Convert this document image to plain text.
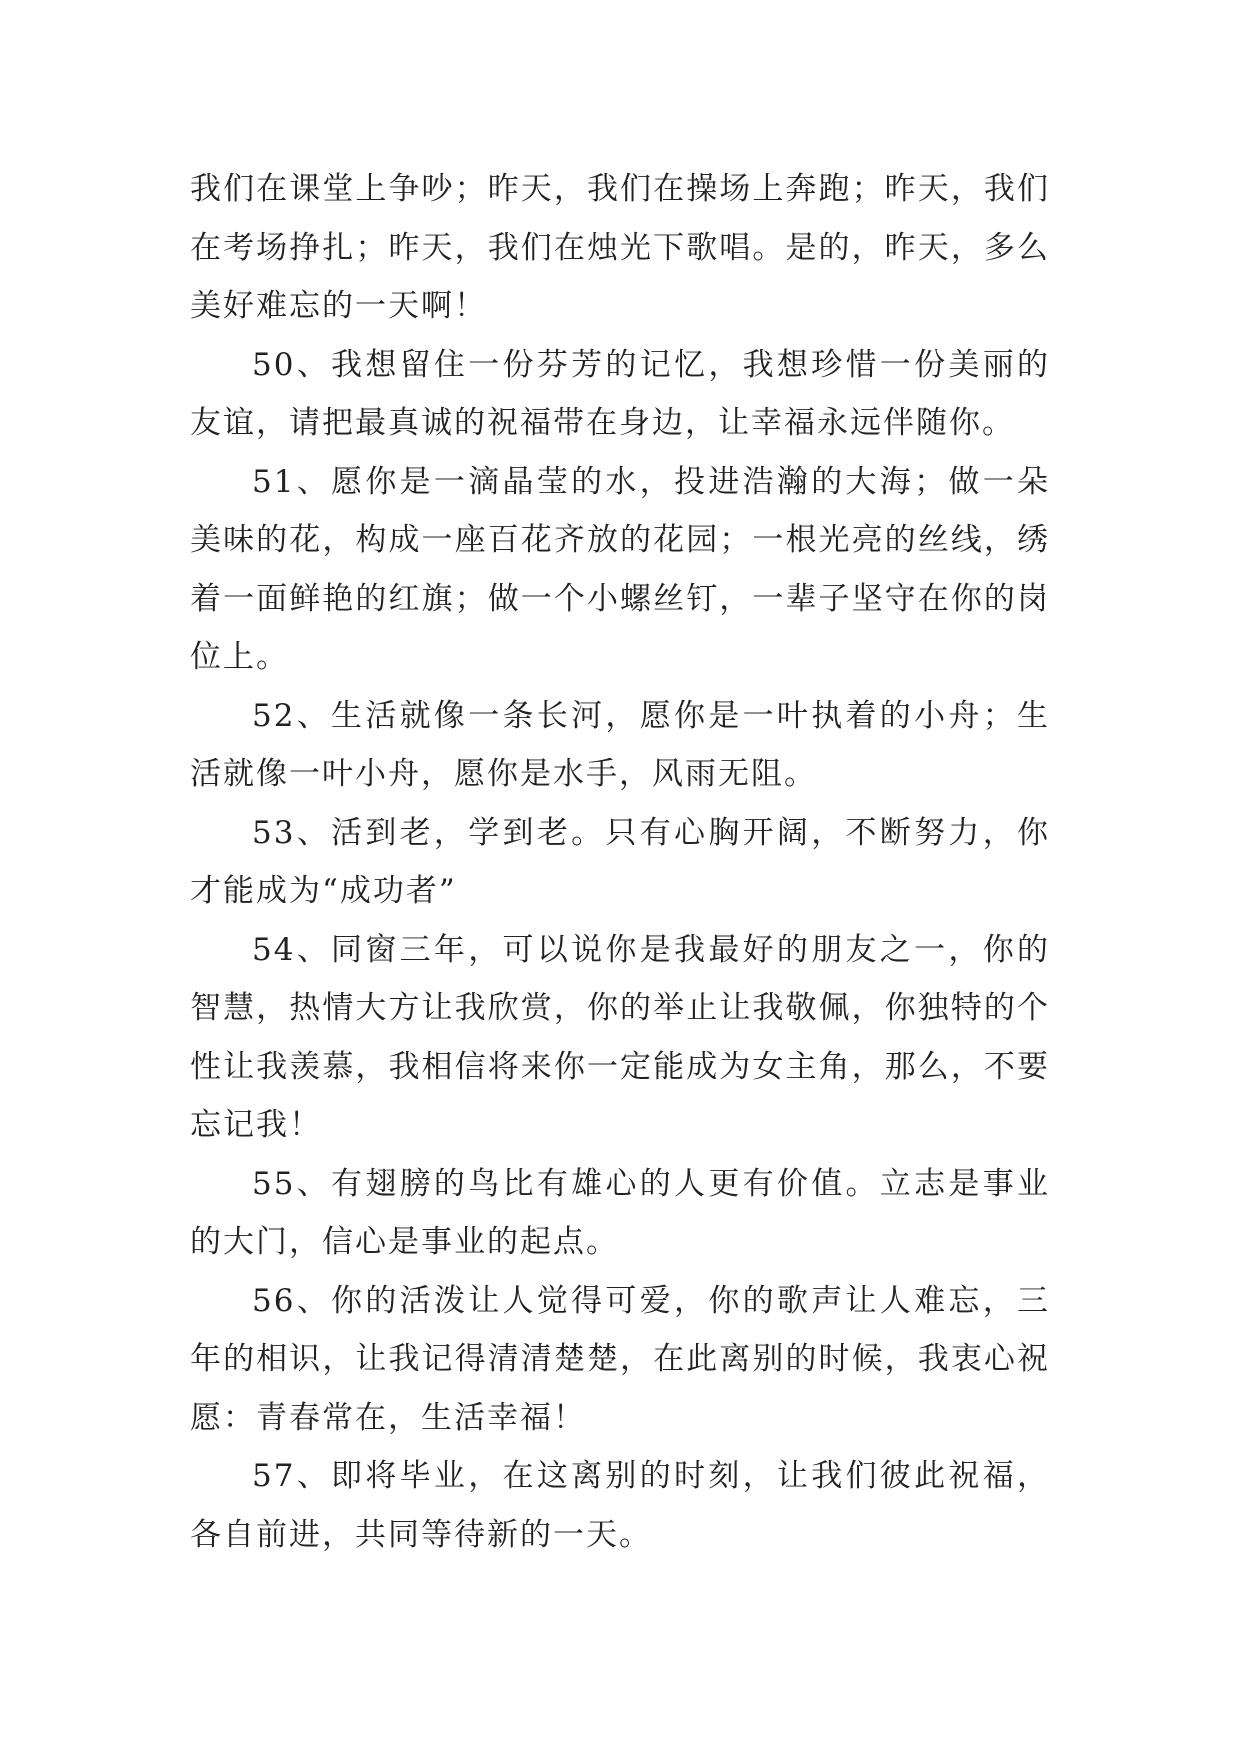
我们在课堂上争吵；昨天，我们在操场上奔跑；昨天，我们在考场挣扎；昨天，我们在烛光下歌唱。是的，昨天，多么美好难忘的一天啊！

50、我想留住一份芬芳的记忆，我想珍惜一份美丽的友谊，请把最真诚的祝福带在身边，让幸福永远伴随你。

51、愿你是一滴晶莹的水，投进浩瀚的大海；做一朵美味的花，构成一座百花齐放的花园；一根光亮的丝线，绣着一面鲜艳的红旗；做一个小螺丝钉，一辈子坚守在你的岗位上。

52、生活就像一条长河，愿你是一叶执着的小舟；生活就像一叶小舟，愿你是水手，风雨无阻。

53、活到老，学到老。只有心胸开阔，不断努力，你才能成为“成功者”

54、同窗三年，可以说你是我最好的朋友之一，你的智慧，热情大方让我欣赏，你的举止让我敬佩，你独特的个性让我羡慕，我相信将来你一定能成为女主角，那么，不要忘记我！

55、有翅膀的鸟比有雄心的人更有价值。立志是事业的大门，信心是事业的起点。

56、你的活泼让人觉得可爱，你的歌声让人难忘，三年的相识，让我记得清清楚楚，在此离别的时候，我衷心祝愿：青春常在，生活幸福！

57、即将毕业，在这离别的时刻，让我们彼此祝福，各自前进，共同等待新的一天。
